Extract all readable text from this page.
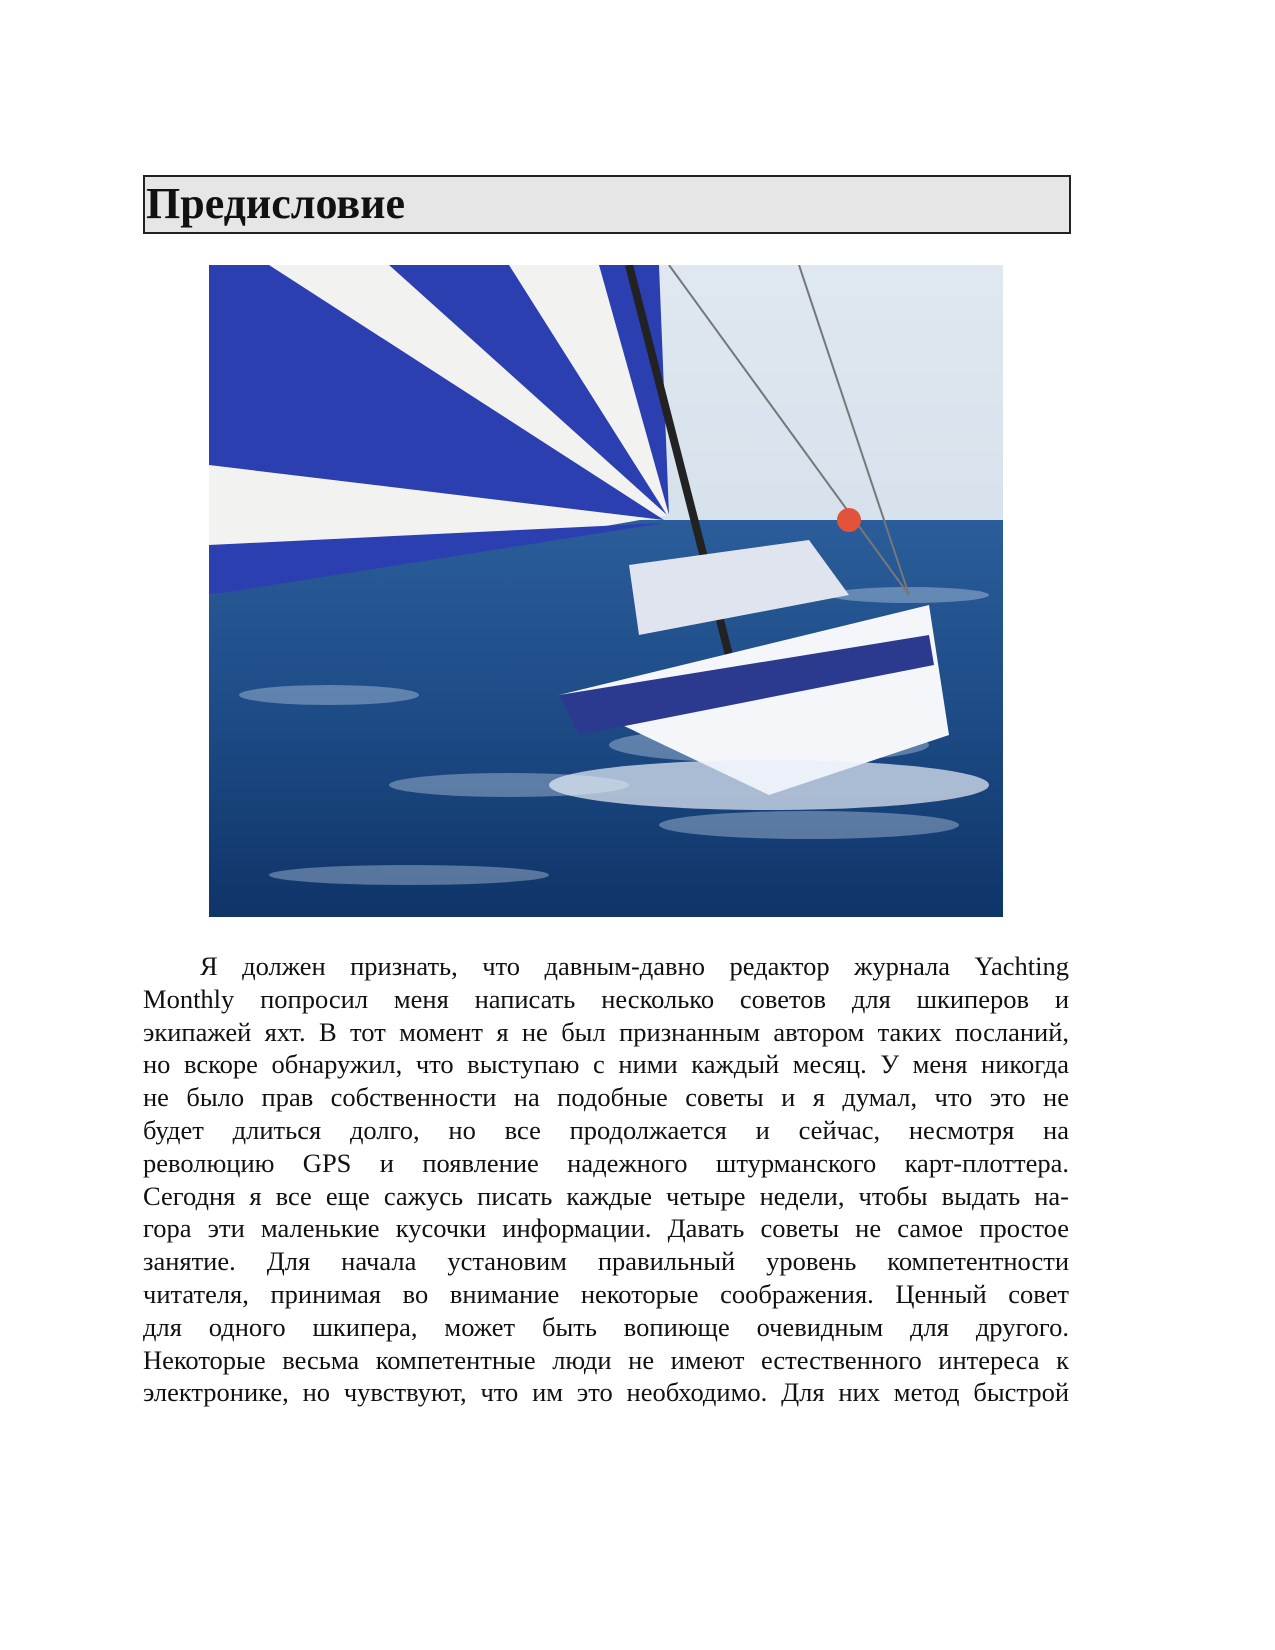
Предисловие
Я должен признать, что давным-давно редактор журнала Yachting
Monthly попросил меня написать несколько советов для шкиперов и
экипажей яхт. В тот момент я не был признанным автором таких посланий,
но вскоре обнаружил, что выступаю с ними каждый месяц. У меня никогда
не было прав собственности на подобные советы и я думал, что это не
будет длиться долго, но все продолжается и сейчас, несмотря на
революцию GPS и появление надежного штурманского карт-плоттера.
Сегодня я все еще сажусь писать каждые четыре недели, чтобы выдать на-
гора эти маленькие кусочки информации. Давать советы не самое простое
занятие. Для начала установим правильный уровень компетентности
читателя, принимая во внимание некоторые соображения. Ценный совет
для одного шкипера, может быть вопиюще очевидным для другого.
Некоторые весьма компетентные люди не имеют естественного интереса к
электронике, но чувствуют, что им это необходимо. Для них метод быстрой
